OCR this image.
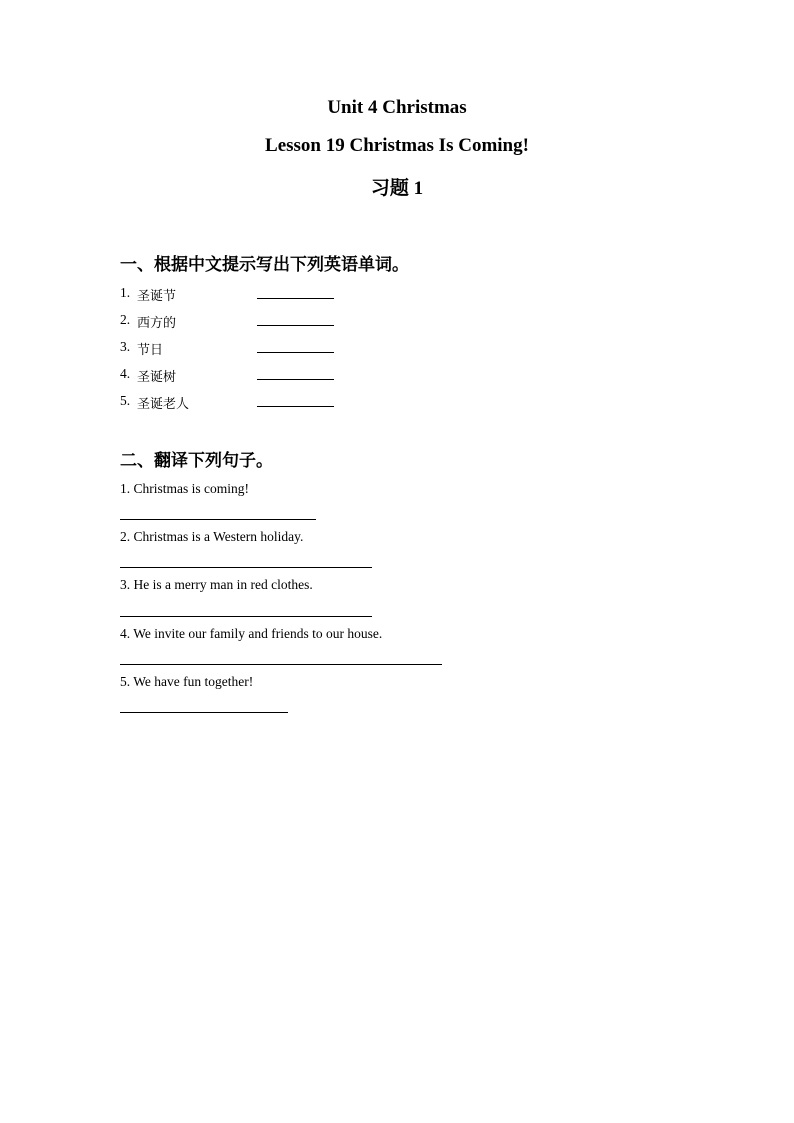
Unit 4 Christmas
Lesson 19 Christmas Is Coming!
习题 1
一、根据中文提示写出下列英语单词。
1. 圣诞节
2. 西方的
3. 节日
4. 圣诞树
5. 圣诞老人
二、翻译下列句子。
1. Christmas is coming!
2. Christmas is a Western holiday.
3. He is a merry man in red clothes.
4. We invite our family and friends to our house.
5. We have fun together!
